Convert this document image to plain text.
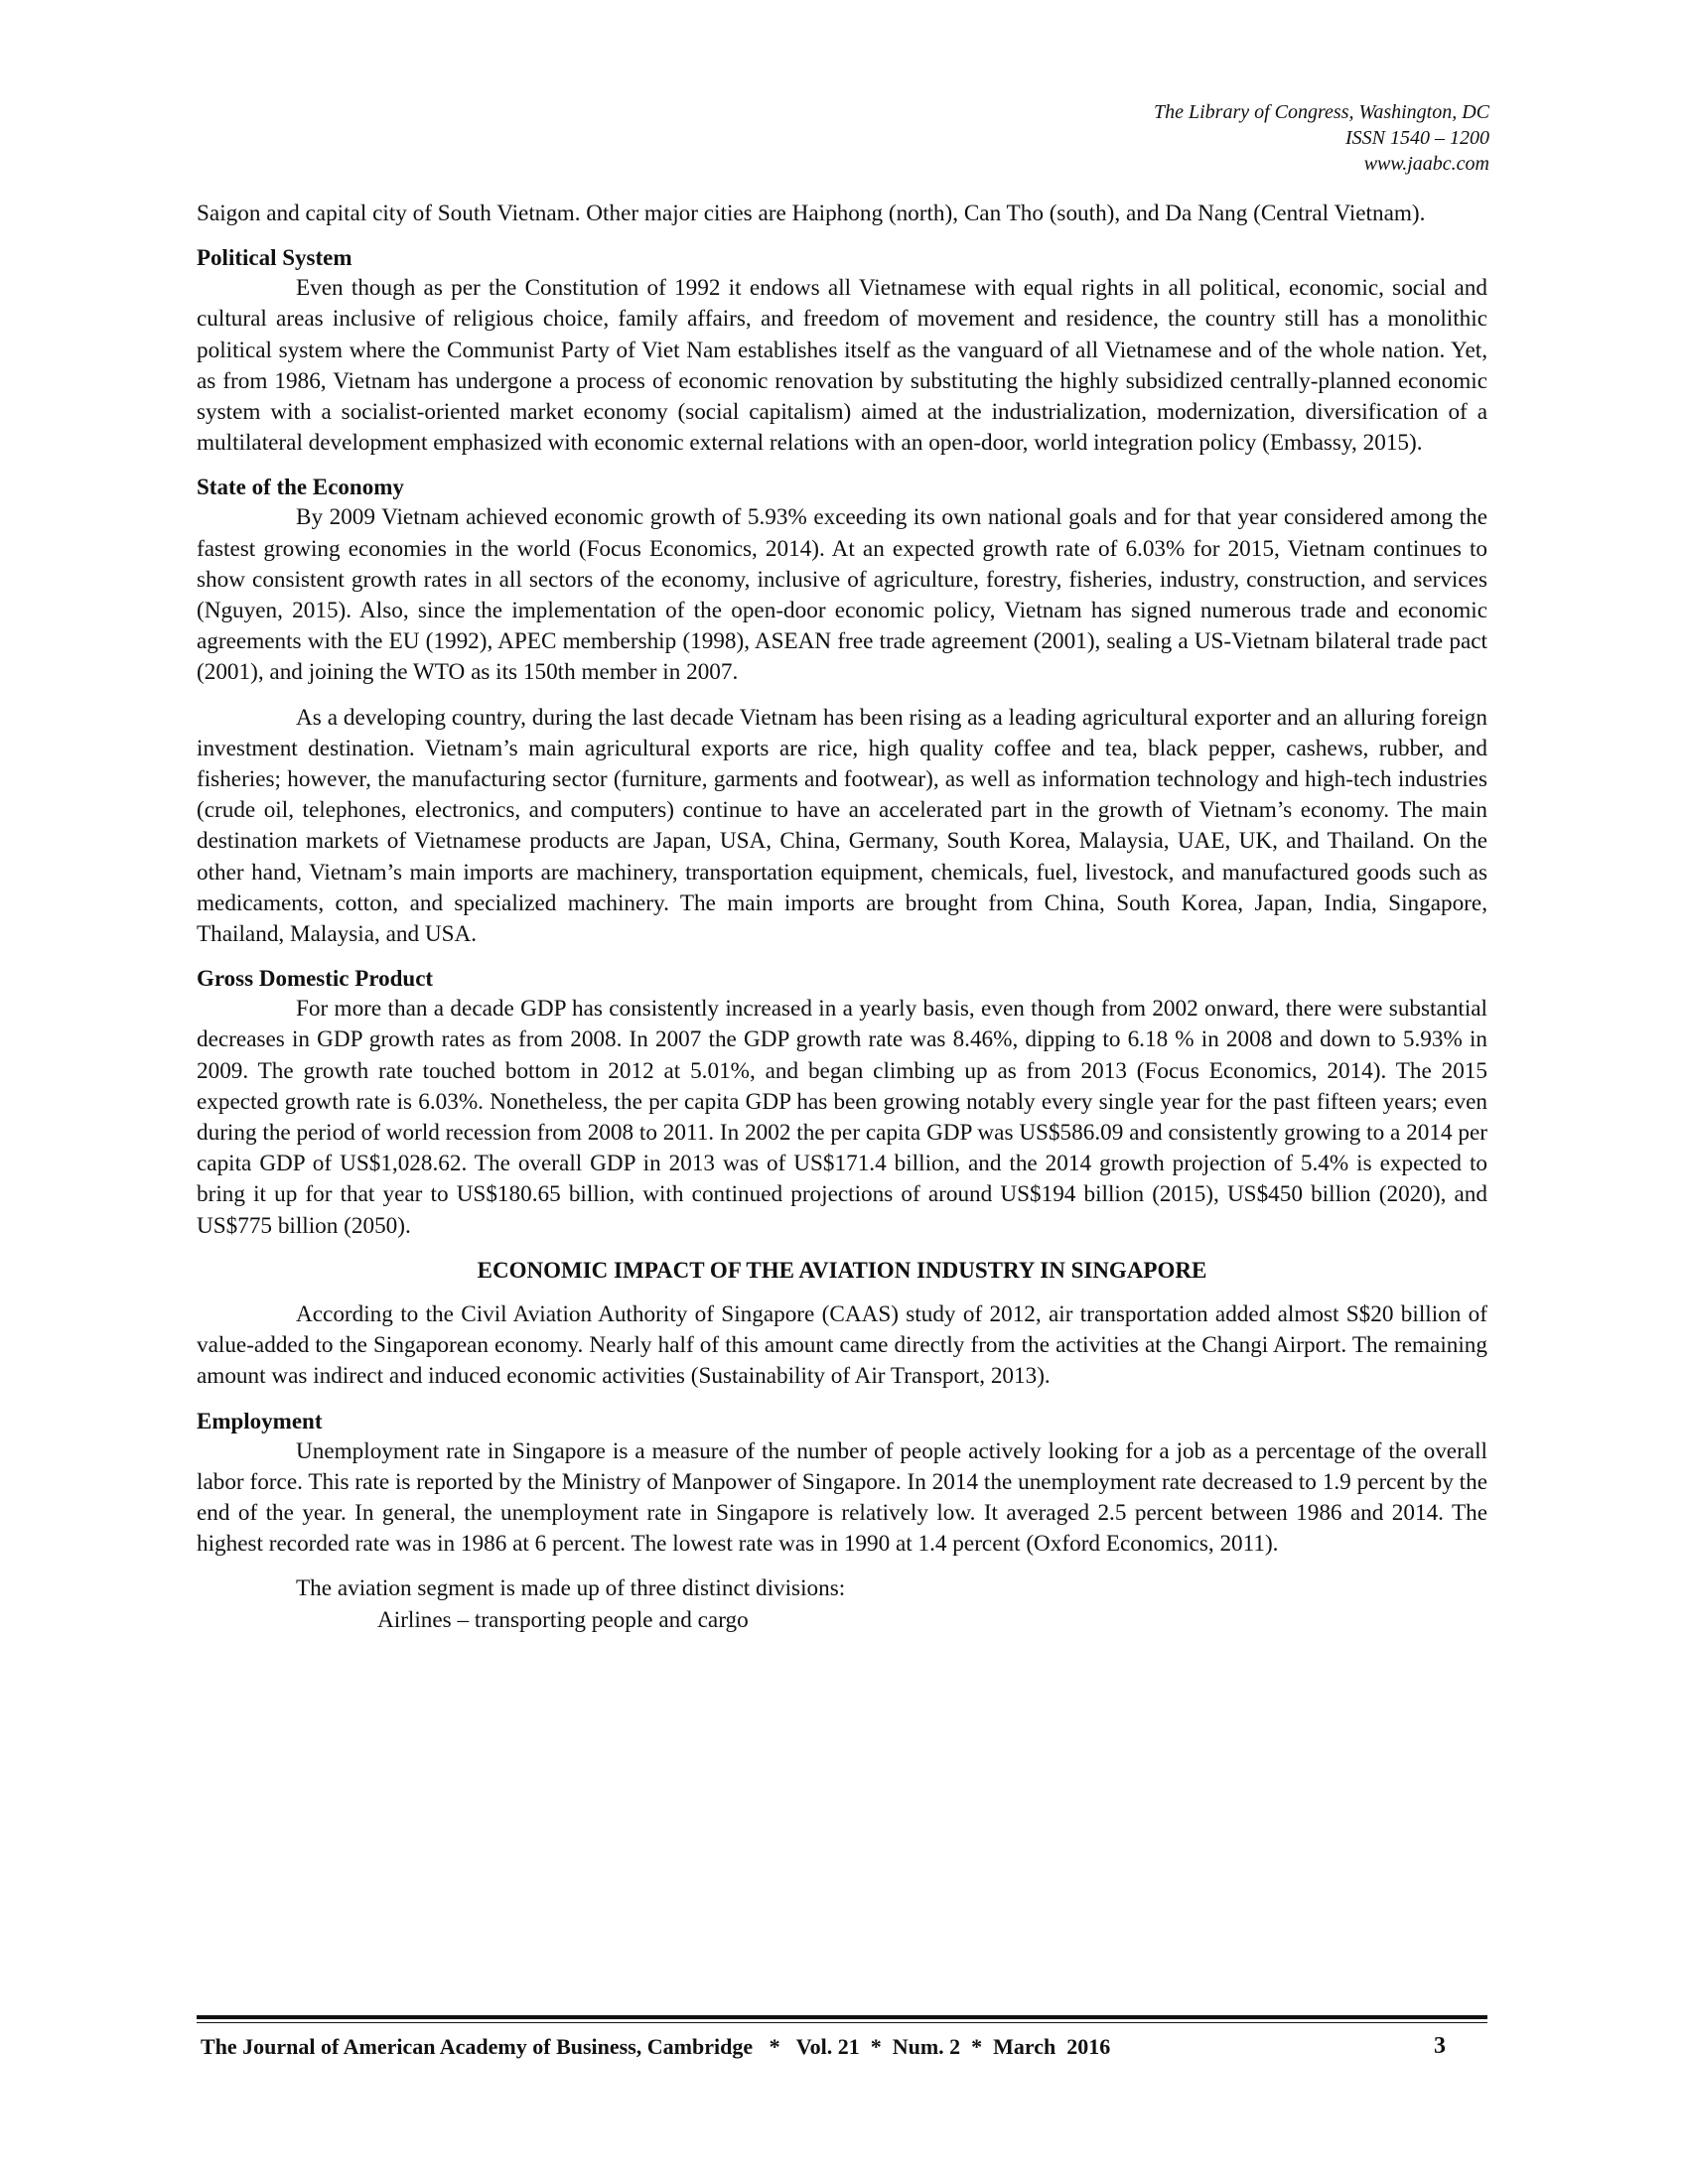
The Library of Congress, Washington, DC
ISSN 1540 – 1200
www.jaabc.com

Saigon and capital city of South Vietnam. Other major cities are Haiphong (north), Can Tho (south), and Da Nang (Central Vietnam).

Political System

Even though as per the Constitution of 1992 it endows all Vietnamese with equal rights in all political, economic, social and cultural areas inclusive of religious choice, family affairs, and freedom of movement and residence, the country still has a monolithic political system where the Communist Party of Viet Nam establishes itself as the vanguard of all Vietnamese and of the whole nation. Yet, as from 1986, Vietnam has undergone a process of economic renovation by substituting the highly subsidized centrally-planned economic system with a socialist-oriented market economy (social capitalism) aimed at the industrialization, modernization, diversification of a multilateral development emphasized with economic external relations with an open-door, world integration policy (Embassy, 2015).

State of the Economy

By 2009 Vietnam achieved economic growth of 5.93% exceeding its own national goals and for that year considered among the fastest growing economies in the world (Focus Economics, 2014). At an expected growth rate of 6.03% for 2015, Vietnam continues to show consistent growth rates in all sectors of the economy, inclusive of agriculture, forestry, fisheries, industry, construction, and services (Nguyen, 2015). Also, since the implementation of the open-door economic policy, Vietnam has signed numerous trade and economic agreements with the EU (1992), APEC membership (1998), ASEAN free trade agreement (2001), sealing a US-Vietnam bilateral trade pact (2001), and joining the WTO as its 150th member in 2007.

As a developing country, during the last decade Vietnam has been rising as a leading agricultural exporter and an alluring foreign investment destination. Vietnam’s main agricultural exports are rice, high quality coffee and tea, black pepper, cashews, rubber, and fisheries; however, the manufacturing sector (furniture, garments and footwear), as well as information technology and high-tech industries (crude oil, telephones, electronics, and computers) continue to have an accelerated part in the growth of Vietnam’s economy. The main destination markets of Vietnamese products are Japan, USA, China, Germany, South Korea, Malaysia, UAE, UK, and Thailand. On the other hand, Vietnam’s main imports are machinery, transportation equipment, chemicals, fuel, livestock, and manufactured goods such as medicaments, cotton, and specialized machinery. The main imports are brought from China, South Korea, Japan, India, Singapore, Thailand, Malaysia, and USA.

Gross Domestic Product

For more than a decade GDP has consistently increased in a yearly basis, even though from 2002 onward, there were substantial decreases in GDP growth rates as from 2008. In 2007 the GDP growth rate was 8.46%, dipping to 6.18 % in 2008 and down to 5.93% in 2009. The growth rate touched bottom in 2012 at 5.01%, and began climbing up as from 2013 (Focus Economics, 2014). The 2015 expected growth rate is 6.03%. Nonetheless, the per capita GDP has been growing notably every single year for the past fifteen years; even during the period of world recession from 2008 to 2011. In 2002 the per capita GDP was US$586.09 and consistently growing to a 2014 per capita GDP of US$1,028.62. The overall GDP in 2013 was of US$171.4 billion, and the 2014 growth projection of 5.4% is expected to bring it up for that year to US$180.65 billion, with continued projections of around US$194 billion (2015), US$450 billion (2020), and US$775 billion (2050).

ECONOMIC IMPACT OF THE AVIATION INDUSTRY IN SINGAPORE

According to the Civil Aviation Authority of Singapore (CAAS) study of 2012, air transportation added almost S$20 billion of value-added to the Singaporean economy. Nearly half of this amount came directly from the activities at the Changi Airport. The remaining amount was indirect and induced economic activities (Sustainability of Air Transport, 2013).

Employment

Unemployment rate in Singapore is a measure of the number of people actively looking for a job as a percentage of the overall labor force. This rate is reported by the Ministry of Manpower of Singapore. In 2014 the unemployment rate decreased to 1.9 percent by the end of the year. In general, the unemployment rate in Singapore is relatively low. It averaged 2.5 percent between 1986 and 2014. The highest recorded rate was in 1986 at 6 percent. The lowest rate was in 1990 at 1.4 percent (Oxford Economics, 2011).

The aviation segment is made up of three distinct divisions:
Airlines – transporting people and cargo
The Journal of American Academy of Business, Cambridge   *   Vol. 21  *  Num. 2  *  March  2016	3
